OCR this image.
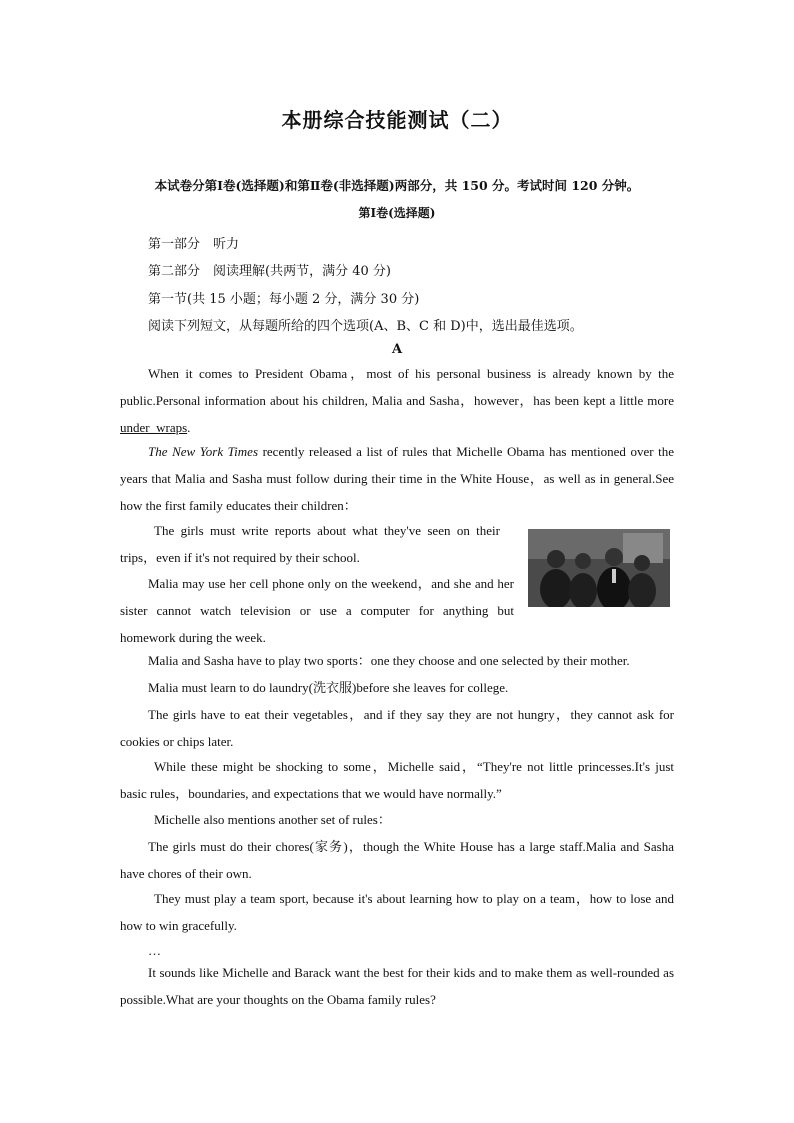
本册综合技能测试（二）
本试卷分第Ⅰ卷(选择题)和第Ⅱ卷(非选择题)两部分，共 150 分。考试时间 120 分钟。
第Ⅰ卷(选择题)
第一部分　听力
第二部分　阅读理解(共两节，满分 40 分)
第一节(共 15 小题；每小题 2 分，满分 30 分)
阅读下列短文，从每题所给的四个选项(A、B、C 和 D)中，选出最佳选项。
A
When it comes to President Obama，most of his personal business is already known by the public.Personal information about his children, Malia and Sasha，however，has been kept a little more under_wraps.
The New York Times recently released a list of rules that Michelle Obama has mentioned over the years that Malia and Sasha must follow during their time in the White House，as well as in general.See how the first family educates their children：
The girls must write reports about what they've seen on their trips，even if it's not required by their school.
Malia may use her cell phone only on the weekend，and she and her sister cannot watch television or use a computer for anything but homework during the week.
Malia and Sasha have to play two sports：one they choose and one selected by their mother.
Malia must learn to do laundry(洗衣服)before she leaves for college.
The girls have to eat their vegetables，and if they say they are not hungry，they cannot ask for cookies or chips later.
While these might be shocking to some，Michelle said，“They're not little princesses.It's just basic rules，boundaries, and expectations that we would have normally.”
Michelle also mentions another set of rules：
The girls must do their chores(家务)，though the White House has a large staff.Malia and Sasha have chores of their own.
They must play a team sport, because it's about learning how to play on a team，how to lose and how to win gracefully.
…
It sounds like Michelle and Barack want the best for their kids and to make them as well-rounded as possible.What are your thoughts on the Obama family rules?
